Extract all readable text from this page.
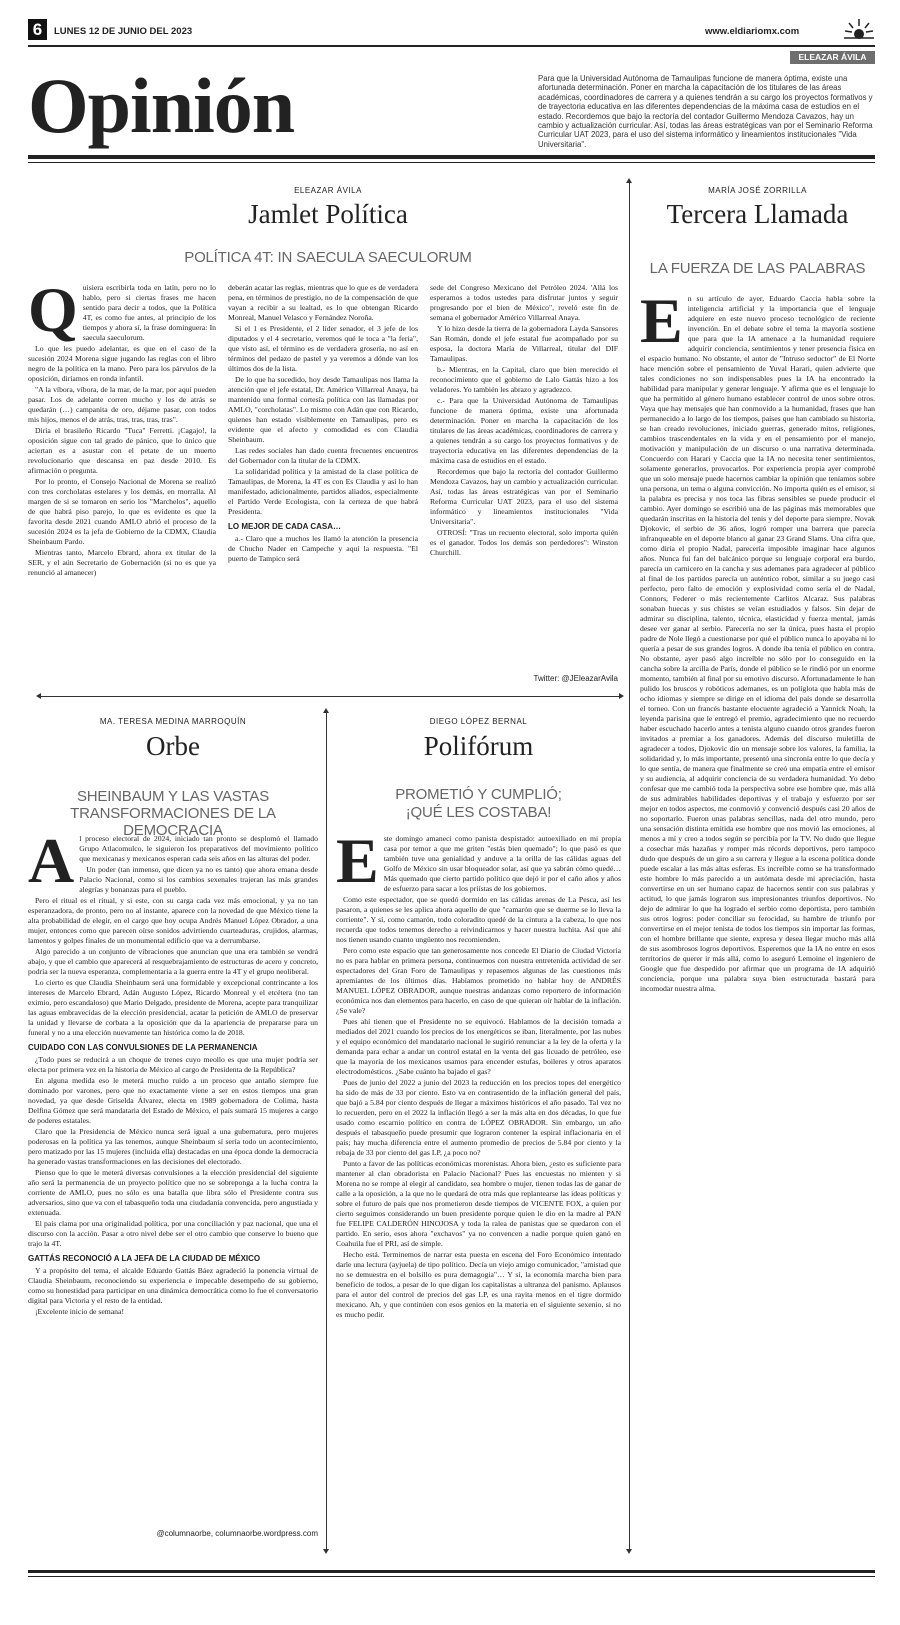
6	LUNES 12 DE JUNIO DEL 2023	www.eldiariomx.com
ELEAZAR ÁVILA
Opinión	Para que la Universidad Autónoma de Tamaulipas funcione de manera óptima, existe una afortunada determinación. Poner en marcha la capacitación de los titulares de las áreas académicas, coordinadores de carrera y a quienes tendrán a su cargo los proyectos formativos y de trayectoria educativa en las diferentes dependencias de la máxima casa de estudios en el estado. Recordemos que bajo la rectoría del contador Guillermo Mendoza Cavazos, hay un cambio y actualización curricular. Así, todas las áreas estratégicas van por el Seminario Reforma Curricular UAT 2023, para el uso del sistema informático y lineamientos institucionales "Vida Universitaria".
ELEAZAR ÁVILA
Jamlet Política
POLÍTICA 4T: IN SAECULA SAECULORUM
Q uisiera escribirla toda en latín, pero no lo hablo, pero si ciertas frases me hacen sentido para decir a todos, que la Política 4T, es como fue antes, al principio de los tiempos y ahora sí, la frase dominguera: In saecula saeculorum.

Lo que les puedo adelantar, es que en el caso de la sucesión 2024 Morena sigue jugando las reglas con el libro negro de la política en la mano. Pero para los párvulos de la oposición, diríamos en ronda infantil.

"A la víbora, víbora, de la mar, de la mar, por aquí pueden pasar. Los de adelante corren mucho y los de atrás se quedarán (…) campanita de oro, déjame pasar, con todos mis hijos, menos el de atrás, tras, tras, tras, tras".

Diría el brasileño Ricardo "Tuca" Ferretti. ¡Cagajo!, la oposición sigue con tal grado de pánico, que lo único que aciertan es a asustar con el petate de un muerto revolucionario que descansa en paz desde 2010. Es afirmación o pregunta.

Por lo pronto, el Consejo Nacional de Morena se realizó con tres corcholatas estelares y los demás, en morralla. Al margen de si se tomaron en serio los "Marchelos", aquello de que habrá piso parejo, lo que es evidente es que la favorita desde 2021 cuando AMLO abrió el proceso de la sucesión 2024 es la jefa de Gobierno de la CDMX, Claudia Sheinbaum Pardo.

Mientras tanto, Marcelo Ebrard, ahora ex titular de la SER, y el aún Secretario de Gobernación (si no es que ya renunció al amanecer)

deberán acatar las reglas, mientras que lo que es de verdadera pena, en términos de prestigio, no de la compensación de que vayan a recibir a su lealtad, es lo que obtengan Ricardo Monreal, Manuel Velasco y Fernández Noroña.

Si el 1 es Presidente, el 2 líder senador, el 3 jefe de los diputados y el 4 secretario, veremos qué le toca a "la feria", que visto así, el término es de verdadera grosería, no así en términos del pedazo de pastel y ya veremos a dónde van los últimos dos de la lista.

De lo que ha sucedido, hoy desde Tamaulipas nos llama la atención que el jefe estatal, Dr. Américo Villarreal Anaya, ha mantenido una formal cortesía política con las llamadas por AMLO, "corcholatas". Lo mismo con Adán que con Ricardo, quienes han estado visiblemente en Tamaulipas, pero es evidente que el afecto y comodidad es con Claudia Sheinbaum.

Las redes sociales han dado cuenta frecuentes encuentros del Gobernador con la titular de la CDMX.

La solidaridad política y la amistad de la clase política de Tamaulipas, de Morena, la 4T es con Es Claudia y así lo han manifestado, adicionalmente, partidos aliados, especialmente el Partido Verde Ecologista, con la certeza de que habrá Presidenta.

LO MEJOR DE CADA CASA…

a.- Claro que a muchos les llamó la atención la presencia de Chucho Nader en Campeche y aquí la respuesta. "El puerto de Tampico será

sede del Congreso Mexicano del Petróleo 2024. 'Allá los esperamos a todos ustedes para disfrutar juntos y seguir progresando por el bien de México", reveló este fin de semana el gobernador Américo Villarreal Anaya.

Y lo hizo desde la tierra de la gobernadora Layda Sansores San Román, donde el jefe estatal fue acompañado por su esposa, la doctora María de Villarreal, titular del DIF Tamaulipas.

b.- Mientras, en la Capital, claro que bien merecido el reconocimiento que el gobierno de Lalo Gattás hizo a los veladores. Yo también les abrazo y agradezco.

c.- Para que la Universidad Autónoma de Tamaulipas funcione de manera óptima, existe una afortunada determinación. Poner en marcha la capacitación de los titulares de las áreas académicas, coordinadores de carrera y a quienes tendrán a su cargo los proyectos formativos y de trayectoria educativa en las diferentes dependencias de la máxima casa de estudios en el estado.

Recordemos que bajo la rectoría del contador Guillermo Mendoza Cavazos, hay un cambio y actualización curricular. Así, todas las áreas estratégicas van por el Seminario Reforma Curricular UAT 2023, para el uso del sistema informático y lineamientos institucionales "Vida Universitaria".

OTROSÍ: "Tras un recuento electoral, solo importa quién es el ganador. Todos los demás son perdedores": Winston Churchill.

Twitter: @JEleazarAvila
MARÍA JOSÉ ZORRILLA
Tercera Llamada
LA FUERZA DE LAS PALABRAS
E n su artículo de ayer, Eduardo Caccia habla sobre la inteligencia artificial y la importancia que el lenguaje adquiere en este nuevo proceso tecnológico de reciente invención. En el debate sobre el tema la mayoría sostiene que para que la IA amenace a la humanidad requiere adquirir conciencia, sentimientos y tener presencia física en el espacio humano. No obstante, el autor de "Intruso seductor" de El Norte hace mención sobre el pensamiento de Yuval Harari, quien advierte que tales condiciones no son indispensables pues la IA ha encontrado la habilidad para manipular y generar lenguaje. Y afirma que es el lenguaje lo que ha permitido al género humano establecer control de unos sobre otros. Vaya que hay mensajes que han conmovido a la humanidad, frases que han permanecido a lo largo de los tiempos, países que han cambiado su historia, se han creado revoluciones, iniciado guerras, generado mitos, religiones, cambios trascendentales en la vida y en el pensamiento por el manejo, motivación y manipulación de un discurso o una narrativa determinada. Concuerdo con Harari y Caccia que la IA no necesita tener sentimientos, solamente generarlos, provocarlos. Por experiencia propia ayer comprobé que un solo mensaje puede hacernos cambiar la opinión que teníamos sobre una persona, un tema o alguna convicción. No importa quién es el emisor, si la palabra es precisa y nos toca las fibras sensibles se puede producir el cambio. Ayer domingo se escribió una de las páginas más memorables que quedarán inscritas en la historia del tenis y del deporte para siempre. Novak Djokovic, el serbio de 36 años, logró romper una barrera que parecía infranqueable en el deporte blanco al ganar 23 Grand Slams. Una cifra que, como diría el propio Nadal, parecería imposible imaginar hace algunos años. Nunca fui fan del balcánico porque su lenguaje corporal era burdo, parecía un carnicero en la cancha y sus ademanes para agradecer al público al final de los partidos parecía un auténtico robot, similar a su juego casi perfecto, pero falto de emoción y explosividad como sería el de Nadal, Connors, Federer o más recientemente Carlitos Alcaraz. Sus palabras sonaban huecas y sus chistes se veían estudiados y falsos. Sin dejar de admirar su disciplina, talento, técnica, elasticidad y fuerza mental, jamás desee ver ganar al serbio. Parecería no ser la única, pues hasta el propio padre de Nole llegó a cuestionarse por qué el público nunca lo apoyaba ni lo quería a pesar de sus grandes logros. A donde iba tenía el público en contra. No obstante, ayer pasó algo increíble no sólo por lo conseguido en la cancha sobre la arcilla de París, donde el público se le rindió por un enorme momento, también al final por su emotivo discurso. Afortunadamente le han pulido los bruscos y robóticos ademanes, es un políglota que habla más de ocho idiomas y siempre se dirige en el idioma del país donde se desarrolla el torneo. Con un francés bastante elocuente agradeció a Yannick Noah, la leyenda parisina que le entregó el premio, agradecimiento que no recuerdo haber escuchado hacerlo antes a tenista alguno cuando otros grandes fueron invitados a premiar a los ganadores. Además del discurso muletilla de agradecer a todos, Djokovic dio un mensaje sobre los valores, la familia, la solidaridad y, lo más importante, presentó una sincronía entre lo que decía y lo que sentía, de manera que finalmente se creó una empatía entre el emisor y su audiencia, al adquirir conciencia de su verdadera humanidad. Yo debo confesar que me cambió toda la perspectiva sobre ese hombre que, más allá de sus admirables habilidades deportivas y el trabajo y esfuerzo por ser mejor en todos aspectos, me conmovió y convenció después casi 20 años de no soportarlo. Fueron unas palabras sencillas, nada del otro mundo, pero una sensación distinta emitida ese hombre que nos movió las emociones, al menos a mí y creo a todos según se percibía por la TV. No dudo que llegue a cosechar más hazañas y romper más récords deportivos, pero tampoco dudo que después de un giro a su carrera y llegue a la escena política donde puede escalar a las más altas esferas. Es increíble como se ha transformado este hombre lo más parecido a un autómata desde mi apreciación, hasta convertirse en un ser humano capaz de hacernos sentir con sus palabras y actitud, lo que jamás lograron sus impresionantes triunfos deportivos. No dejo de admirar lo que ha logrado el serbio como deportista, pero también sus otros logros: poder conciliar su ferocidad, su hambre de triunfo por convertirse en el mejor tenista de todos los tiempos sin importar las formas, con el hombre brillante que siente, expresa y desea llegar mucho más allá de sus asombrosos logros deportivos. Esperemos que la IA no entre en esos territorios de querer ir más allá, como lo aseguró Lemoine el ingeniero de Google que fue despedido por afirmar que un programa de IA adquirió conciencia, porque una palabra suya bien estructurada bastará para incomodar nuestra alma.

MA. TERESA MEDINA MARROQUÍN
Orbe
SHEINBAUM Y LAS VASTAS TRANSFORMACIONES DE LA DEMOCRACIA
A l proceso electoral de 2024, iniciado tan pronto se desplomó el llamado Grupo Atlacomulco, le siguieron los preparativos del movimiento político que mexicanas y mexicanos esperan cada seis años en las alturas del poder.

Un poder (tan inmenso, que dicen ya no es tanto) que ahora emana desde Palacio Nacional, como si los cambios sexenales trajeran las más grandes alegrías y bonanzas para el pueblo.

Pero el ritual es el ritual, y si este, con su carga cada vez más emocional, y ya no tan esperanzadora, de pronto, pero no al instante, aparece con la novedad de que México tiene la alta probabilidad de elegir, en el cargo que hoy ocupa Andrés Manuel López Obrador, a una mujer, entonces como que parecen oírse sonidos advirtiendo cuarteaduras, crujidos, alarmas, lamentos y golpes finales de un monumental edificio que va a derrumbarse.

Algo parecido a un conjunto de vibraciones que anuncian que una era también se vendrá abajo, y que el cambio que aparecerá al resquebrajamiento de estructuras de acero y concreto, podría ser la nueva esperanza, complementaria a la guerra entre la 4T y el grupo neoliberal.

Lo cierto es que Claudia Sheinbaum será una formidable y excepcional contrincante a los intereses de Marcelo Ebrard, Adán Augusto López, Ricardo Monreal y el etcétera (no tan eximio, pero escandaloso) que Mario Delgado, presidente de Morena, acepte para tranquilizar las aguas embravecidas de la elección presidencial, acatar la petición de AMLO de preservar la unidad y llevarse de corbata a la oposición que da la apariencia de prepararse para un funeral y no a una elección nuevamente tan histórica como la de 2018.

CUIDADO CON LAS CONVULSIONES DE LA PERMANENCIA

¿Todo pues se reducirá a un choque de trenes cuyo meollo es que una mujer podría ser electa por primera vez en la historia de México al cargo de Presidenta de la República?

En alguna medida eso le meterá mucho ruido a un proceso que antaño siempre fue dominado por varones, pero que no exactamente viene a ser en estos tiempos una gran novedad, ya que desde Griselda Álvarez, electa en 1989 gobernadora de Colima, hasta Delfina Gómez que será mandataria del Estado de México, el país sumará 15 mujeres a cargo de poderes estatales.

Claro que la Presidencia de México nunca será igual a una gubernatura, pero mujeres poderosas en la política ya las tenemos, aunque Sheinbaum sí sería todo un acontecimiento, pero matizado por las 15 mujeres (incluida ella) destacadas en una época donde la democracia ha generado vastas transformaciones en las decisiones del electorado.

Pienso que lo que le meterá diversas convulsiones a la elección presidencial del siguiente año será la permanencia de un proyecto político que no se sobreponga a la lucha contra la corriente de AMLO, pues no sólo es una batalla que libra sólo el Presidente contra sus adversarios, sino que va con el tabasqueño toda una ciudadanía convencida, pero angustiada y extenuada.

El país clama por una originalidad política, por una conciliación y paz nacional, que una el discurso con la acción. Pasar a otro nivel debe ser el otro cambio que conserve lo bueno que trajo la 4T.

GATTÁS RECONOCIÓ A LA JEFA DE LA CIUDAD DE MÉXICO

Y a propósito del tema, el alcalde Eduardo Gattás Báez agradeció la ponencia virtual de Claudia Sheinbaum, reconociendo su experiencia e impecable desempeño de su gobierno, como su honestidad para participar en una dinámica democrática como lo fue el conversatorio digital para Victoria y el resto de la entidad.

¡Excelente inicio de semana!

@columnaorbe, columnaorbe.wordpress.com
DIEGO LÓPEZ BERNAL
Polifórum
PROMETIÓ Y CUMPLIÓ;
¡QUÉ LES COSTABA!
E ste domingo amaneci como panista despistado: autoexiliado en mi propia casa por temor a que me griten "estás bien quemado"; lo que pasó es que también tuve una genialidad y anduve a la orilla de las cálidas aguas del Golfo de México sin usar bloqueador solar, así que ya sabrán cómo quedé… Más quemado que cierto partido político que dejó ir por el caño años y años de esfuerzo para sacar a los priístas de los gobiernos.

Como este espectador, que se quedó dormido en las cálidas arenas de La Pesca, así les pasaron, a quienes se les aplica ahora aquello de que "camarón que se duerme se lo lleva la corriente". Y sí, como camarón, todo coloradito quedé de la cintura a la cabeza, lo que nos recuerda que todos tenemos derecho a reivindicarnos y hacer nuestra luchita. Así que ahí nos tienen usando cuanto ungüento nos recomienden.

Pero como este espacio que tan generosamente nos concede El Diario de Ciudad Victoria no es para hablar en primera persona, continuemos con nuestra entretenida actividad de ser espectadores del Gran Foro de Tamaulipas y repasemos algunas de las cuestiones más apremiantes de los últimos días. Habíamos prometido no hablar hoy de ANDRÉS MANUEL LÓPEZ OBRADOR, aunque nuestras andanzas como reportero de información económica nos dan elementos para hacerlo, en caso de que quieran oír hablar de la inflación. ¿Se vale?

Pues ahí tienen que el Presidente no se equivocó. Hablamos de la decisión tomada a mediados del 2021 cuando los precios de los energéticos se iban, literalmente, por las nubes y el equipo económico del mandatario nacional le sugirió renunciar a la ley de la oferta y la demanda para echar a andar un control estatal en la venta del gas licuado de petróleo, ese que la mayoría de los mexicanos usamos para encender estufas, boileres y otros aparatos electrodomésticos. ¿Sabe cuánto ha bajado el gas?

Pues de junio del 2022 a junio del 2023 la reducción en los precios topes del energético ha sido de más de 33 por ciento. Esto va en contrasentido de la inflación general del país, que bajó a 5.84 por ciento después de llegar a máximos históricos el año pasado. Tal vez no lo recuerden, pero en el 2022 la inflación llegó a ser la más alta en dos décadas, lo que fue usado como escarnio político en contra de LÓPEZ OBRADOR. Sin embargo, un año después el tabasqueño puede presumir que lograron contener la espiral inflacionaria en el país; hay mucha diferencia entre el aumento promedio de precios de 5.84 por ciento y la rebaja de 33 por ciento del gas LP, ¿a poco no?

Punto a favor de las políticas económicas morenistas. Ahora bien, ¿esto es suficiente para mantener al clan obradorista en Palacio Nacional? Pues las encuestas no mienten y si Morena no se rompe al elegir al candidato, sea hombre o mujer, tienen todas las de ganar de calle a la oposición, a la que no le quedará de otra más que replantearse las ideas políticas y sobre el futuro de país que nos prometieron desde tiempos de VICENTE FOX, a quien por cierto seguimos considerando un buen presidente porque quien le dio en la madre al PAN fue FELIPE CALDERÓN HINOJOSA y toda la ralea de panistas que se quedaron con el partido. En serio, esos ahora "exchavos" ya no convencen a nadie porque quien ganó en Coahuila fue el PRI, así de simple.

Hecho está. Terminemos de narrar esta puesta en escena del Foro Económico intentado darle una lectura (ayjuela) de tipo político. Decía un viejo amigo comunicador, "amistad que no se demuestra en el bolsillo es pura demagogia"… Y sí, la economía marcha bien para beneficio de todos, a pesar de lo que digan los capitalistas a ultranza del panismo. Aplausos para el autor del control de precios del gas LP, es una rayita menos en el tigre dormido mexicano. Ah, y que continúen con esos genios en la materia en el siguiente sexenio, si no es mucho pedir.
